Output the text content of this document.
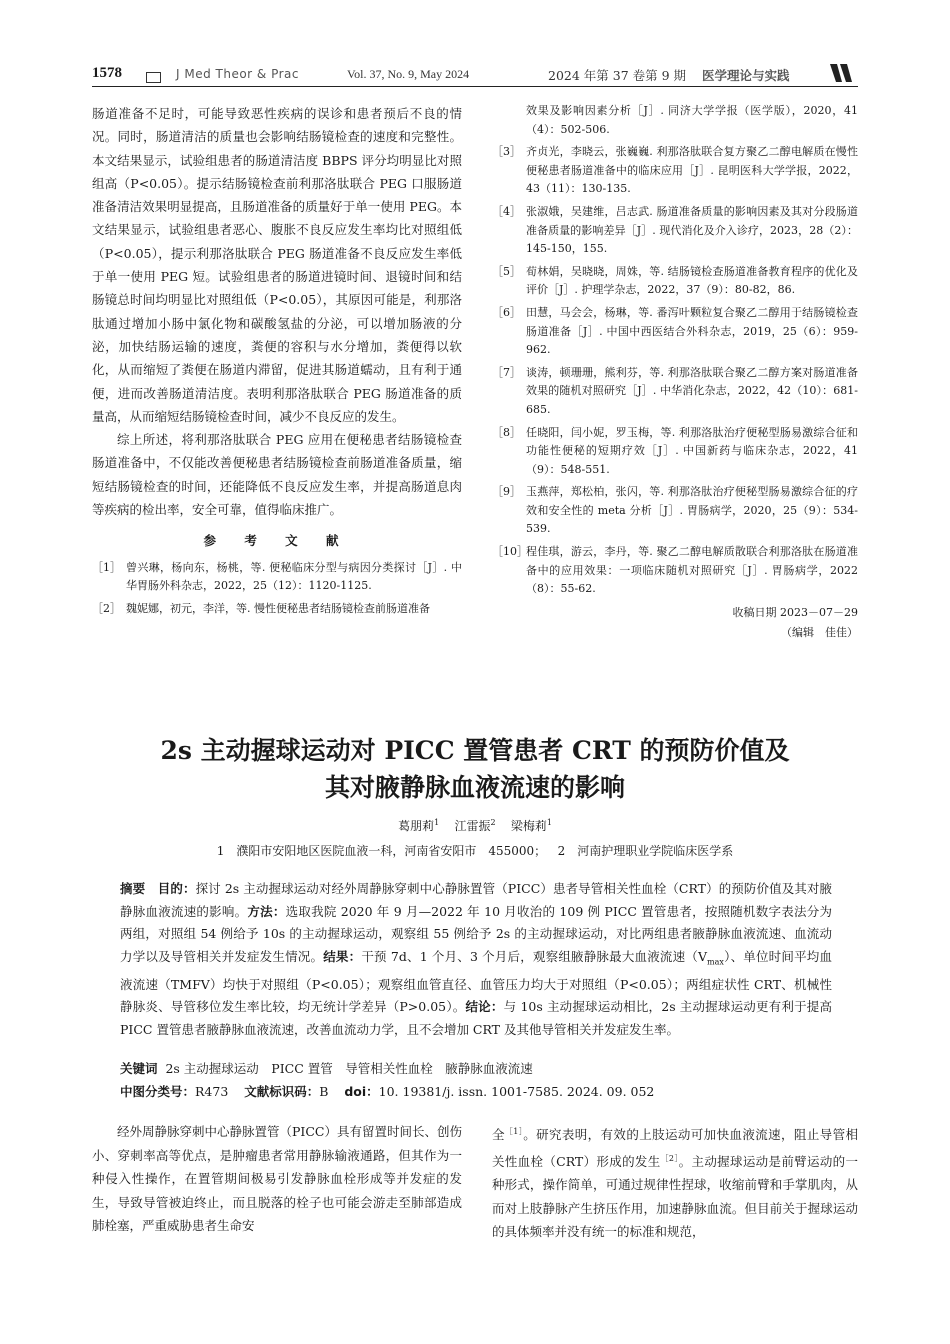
1578	J Med Theor & Prac	Vol. 37, No. 9, May 2024	2024 年第 37 卷第 9 期 医学理论与实践

肠道准备不足时，可能导致恶性疾病的误诊和患者预后不良的情况。同时，肠道清洁的质量也会影响结肠镜检查的速度和完整性。本文结果显示，试验组患者的肠道清洁度 BBPS 评分均明显比对照组高（P<0.05）。提示结肠镜检查前利那洛肽联合 PEG 口服肠道准备清洁效果明显提高，且肠道准备的质量好于单一使用 PEG。本文结果显示，试验组患者恶心、腹胀不良反应发生率均比对照组低（P<0.05），提示利那洛肽联合 PEG 肠道准备不良反应发生率低于单一使用 PEG 短。试验组患者的肠道进镜时间、退镜时间和结肠镜总时间均明显比对照组低（P<0.05），其原因可能是，利那洛肽通过增加小肠中氯化物和碳酸氢盐的分泌，可以增加肠液的分泌，加快结肠运输的速度，粪便的容积与水分增加，粪便得以软化，从而缩短了粪便在肠道内滞留，促进其肠道蠕动，且有利于通便，进而改善肠道清洁度。表明利那洛肽联合 PEG 肠道准备的质量高，从而缩短结肠镜检查时间，减少不良反应的发生。

综上所述，将利那洛肽联合 PEG 应用在便秘患者结肠镜检查肠道准备中，不仅能改善便秘患者结肠镜检查前肠道准备质量，缩短结肠镜检查的时间，还能降低不良反应发生率，并提高肠道息肉等疾病的检出率，安全可靠，值得临床推广。

参 考 文 献
［1］ 曾兴琳，杨向东，杨桃，等. 便秘临床分型与病因分类探讨［J］. 中华胃肠外科杂志，2022，25（12）：1120-1125.
［2］ 魏妮娜，初元，李洋，等. 慢性便秘患者结肠镜检查前肠道准备
效果及影响因素分析［J］. 同济大学学报（医学版），2020，41（4）：502-506.
［3］ 齐贞光，李晓云，张巍巍. 利那洛肽联合复方聚乙二醇电解质在慢性便秘患者肠道准备中的临床应用［J］. 昆明医科大学学报，2022，43（11）：130-135.
［4］ 张淑娥，吴建维，吕志武. 肠道准备质量的影响因素及其对分段肠道准备质量的影响差异［J］. 现代消化及介入诊疗，2023，28（2）：145-150，155.
［5］ 荀林娟，吴晓晓，周姝，等. 结肠镜检查肠道准备教育程序的优化及评价［J］. 护理学杂志，2022，37（9）：80-82，86.
［6］ 田慧，马会会，杨琳，等. 番泻叶颗粒复合聚乙二醇用于结肠镜检查肠道准备［J］. 中国中西医结合外科杂志，2019，25（6）：959-962.
［7］ 谈涛，顿珊珊，熊利芬，等. 利那洛肽联合聚乙二醇方案对肠道准备效果的随机对照研究［J］. 中华消化杂志，2022，42（10）：681-685.
［8］ 任晓阳，闫小妮，罗玉梅，等. 利那洛肽治疗便秘型肠易激综合征和功能性便秘的短期疗效［J］. 中国新药与临床杂志，2022，41（9）：548-551.
［9］ 玉燕萍，郑松柏，张闪，等. 利那洛肽治疗便秘型肠易激综合征的疗效和安全性的 meta 分析［J］. 胃肠病学，2020，25（9）：534-539.
［10］
程佳琪，游云，李丹，等. 聚乙二醇电解质散联合利那洛肽在肠道准备中的应用效果：一项临床随机对照研究［J］. 胃肠病学，2022（8）：55-62.
收稿日期 2023－07－29
（编辑　佳佳）
2s 主动握球运动对 PICC 置管患者 CRT 的预防价值及
其对腋静脉血液流速的影响
葛朋莉$^1$ 江雷振$^2$ 梁梅莉$^1$
1　濮阳市安阳地区医院血液一科，河南省安阳市　455000； 2　河南护理职业学院临床医学系
摘要　目的：探讨 2s 主动握球运动对经外周静脉穿刺中心静脉置管（PICC）患者导管相关性血栓（CRT）的预防价值及其对腋静脉血液流速的影响。方法：选取我院 2020 年 9 月—2022 年 10 月收治的 109 例 PICC 置管患者，按照随机数字表法分为两组，对照组 54 例给予 10s 的主动握球运动，观察组 55 例给予 2s 的主动握球运动，对比两组患者腋静脉血液流速、血流动力学以及导管相关并发症发生情况。结果：干预 7d、1 个月、3 个月后，观察组腋静脉最大血液流速$(V_{max})$、单位时间平均血液流速（TMFV）均快于对照组（P<0.05）；观察组血管直径、血管压力均大于对照组（P<0.05）；两组症状性 CRT、机械性静脉炎、导管移位发生率比较，均无统计学差异（P>0.05）。结论：与 10s 主动握球运动相比，2s 主动握球运动更有利于提高 PICC 置管患者腋静脉血液流速，改善血流动力学，且不会增加 CRT 及其他导管相关并发症发生率。
关键词 2s 主动握球运动　PICC 置管　导管相关性血栓　腋静脉血液流速
中图分类号：R473 文献标识码：B doi：10. 19381/j. issn. 1001-7585. 2024. 09. 052

经外周静脉穿刺中心静脉置管（PICC）具有留置时间长、创伤小、穿刺率高等优点，是肿瘤患者常用静脉输液通路，但其作为一种侵入性操作，在置管期间极易引发静脉血栓形成等并发症的发生，导致导管被迫终止，而且脱落的栓子也可能会游走至肺部造成肺栓塞，严重威胁患者生命安

全$^{[1]}$。研究表明，有效的上肢运动可加快血液流速，阻止导管相关性血栓（CRT）形成的发生$^{[2]}$。主动握球运动是前臂运动的一种形式，操作简单，可通过规律性捏球，收缩前臂和手掌肌肉，从而对上肢静脉产生挤压作用，加速静脉血流。但目前关于握球运动的具体频率并没有统一的标准和规范，
